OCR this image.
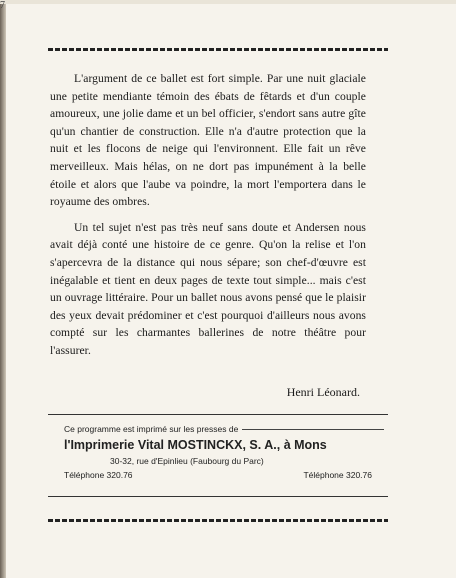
7

L'argument de ce ballet est fort simple. Par une nuit glaciale une petite mendiante témoin des ébats de fêtards et d'un couple amoureux, une jolie dame et un bel officier, s'endort sans autre gîte qu'un chantier de construction. Elle n'a d'autre protection que la nuit et les flocons de neige qui l'environnent. Elle fait un rêve merveilleux. Mais hélas, on ne dort pas impunément à la belle étoile et alors que l'aube va poindre, la mort l'emportera dans le royaume des ombres.

Un tel sujet n'est pas très neuf sans doute et Andersen nous avait déjà conté une histoire de ce genre. Qu'on la relise et l'on s'apercevra de la distance qui nous sépare; son chef-d'œuvre est inégalable et tient en deux pages de texte tout simple... mais c'est un ouvrage littéraire. Pour un ballet nous avons pensé que le plaisir des yeux devait prédominer et c'est pourquoi d'ailleurs nous avons compté sur les charmantes ballerines de notre théâtre pour l'assurer.

Henri Léonard.
Ce programme est imprimé sur les presses de
l'Imprimerie Vital MOSTINCKX, S. A., à Mons
30-32, rue d'Epinlieu (Faubourg du Parc)
Téléphone 320.76	Téléphone 320.76
